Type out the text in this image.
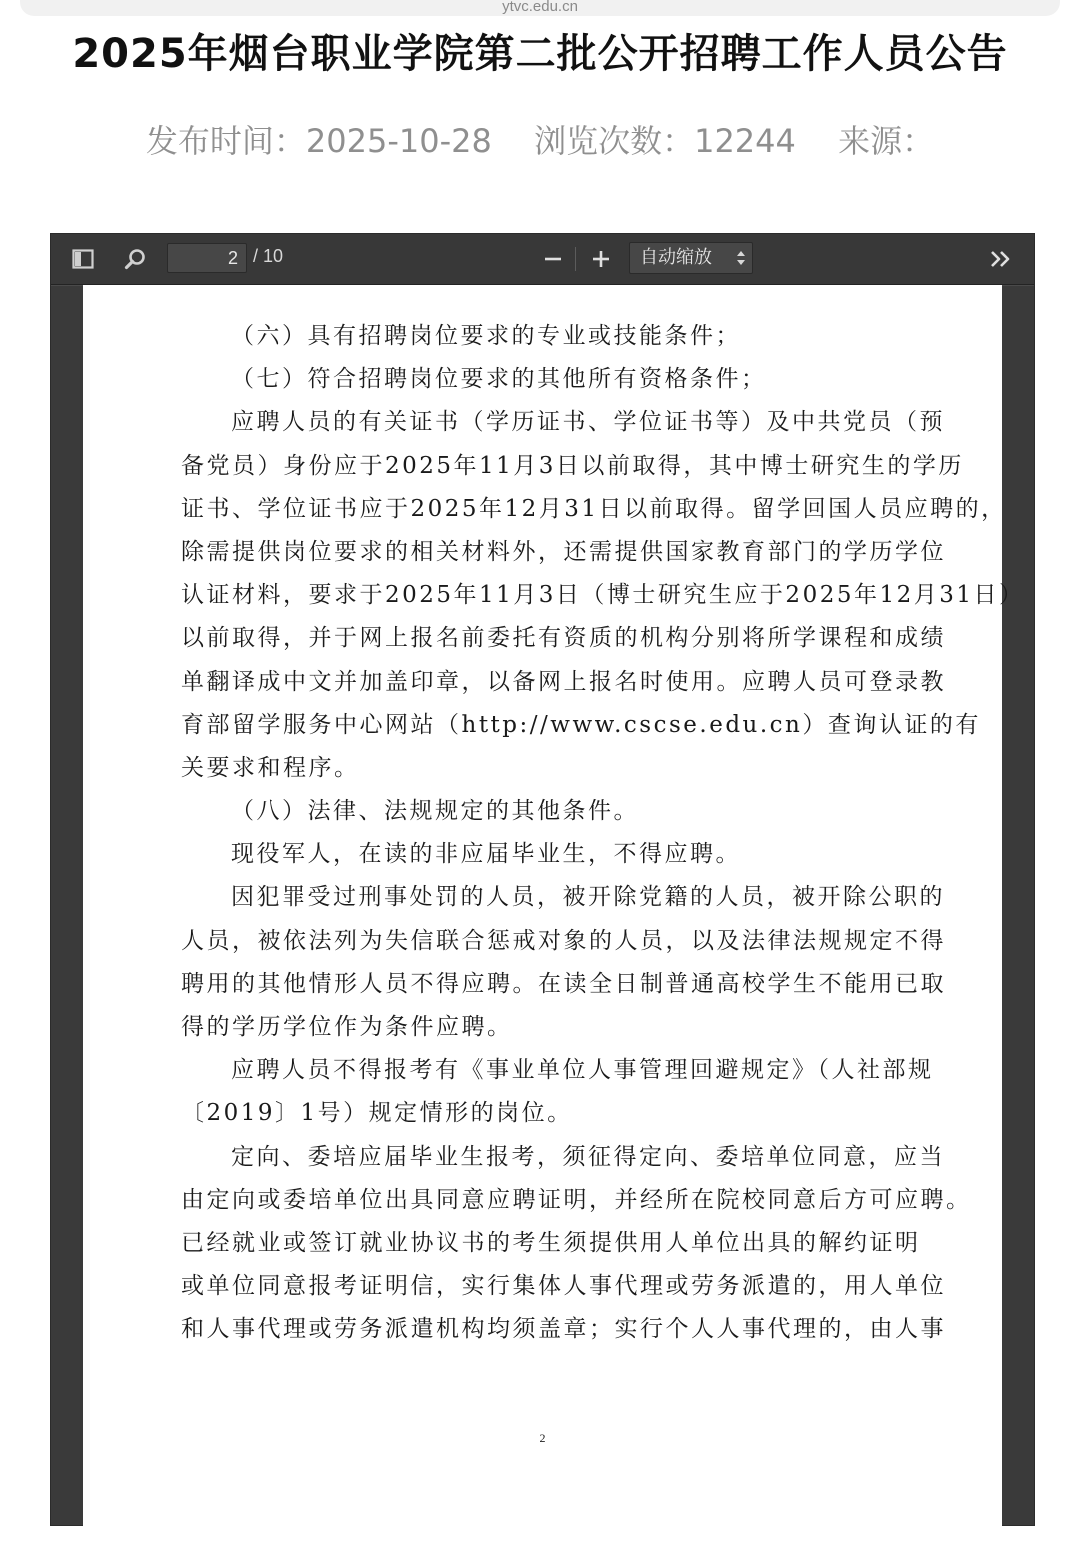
ytvc.edu.cn
2025年烟台职业学院第二批公开招聘工作人员公告
发布时间：2025-10-28 浏览次数：12244 来源：
2 / 10	自动缩放
（六）具有招聘岗位要求的专业或技能条件；
（七）符合招聘岗位要求的其他所有资格条件；
应聘人员的有关证书（学历证书、学位证书等）及中共党员（预
备党员）身份应于2025年11月3日以前取得，其中博士研究生的学历
证书、学位证书应于2025年12月31日以前取得。留学回国人员应聘的，
除需提供岗位要求的相关材料外，还需提供国家教育部门的学历学位
认证材料，要求于2025年11月3日（博士研究生应于2025年12月31日）
以前取得，并于网上报名前委托有资质的机构分别将所学课程和成绩
单翻译成中文并加盖印章，以备网上报名时使用。应聘人员可登录教
育部留学服务中心网站（http://www.cscse.edu.cn）查询认证的有
关要求和程序。
（八）法律、法规规定的其他条件。
现役军人，在读的非应届毕业生，不得应聘。
因犯罪受过刑事处罚的人员，被开除党籍的人员，被开除公职的
人员，被依法列为失信联合惩戒对象的人员，以及法律法规规定不得
聘用的其他情形人员不得应聘。在读全日制普通高校学生不能用已取
得的学历学位作为条件应聘。
应聘人员不得报考有《事业单位人事管理回避规定》（人社部规
〔2019〕1号）规定情形的岗位。
定向、委培应届毕业生报考，须征得定向、委培单位同意，应当
由定向或委培单位出具同意应聘证明，并经所在院校同意后方可应聘。
已经就业或签订就业协议书的考生须提供用人单位出具的解约证明
或单位同意报考证明信，实行集体人事代理或劳务派遣的，用人单位
和人事代理或劳务派遣机构均须盖章；实行个人人事代理的，由人事
2
